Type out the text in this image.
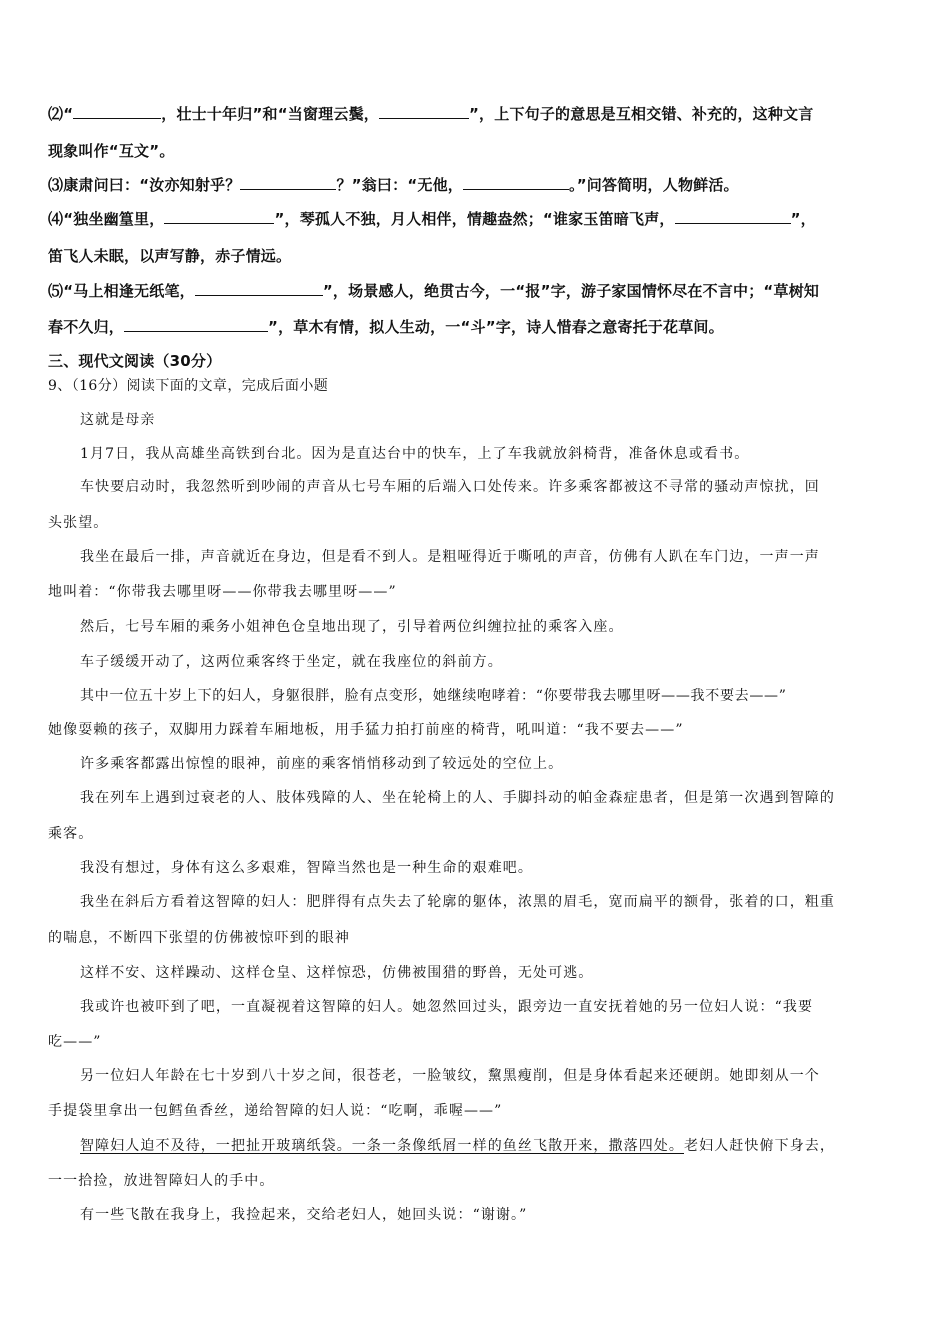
⑵“	，壮士十年归”和“当窗理云鬓，	”，上下句子的意思是互相交错、补充的，这种文言
现象叫作“互文”。
⑶康肃问曰：“汝亦知射乎？	？”翁曰：“无他，	。”问答简明，人物鲜活。
⑷“独坐幽篁里，	”，琴孤人不独，月人相伴，情趣盎然；“谁家玉笛暗飞声，	”，
笛飞人未眠，以声写静，赤子情远。
⑸“马上相逢无纸笔，	”，场景感人，绝贯古今，一“报”字，游子家国情怀尽在不言中；“草树知
春不久归，	”，草木有情，拟人生动，一“斗”字，诗人惜春之意寄托于花草间。
三、现代文阅读（30分）
9、（16分）阅读下面的文章，完成后面小题
这就是母亲
1月7日，我从高雄坐高铁到台北。因为是直达台中的快车，上了车我就放斜椅背，准备休息或看书。
车快要启动时，我忽然听到吵闹的声音从七号车厢的后端入口处传来。许多乘客都被这不寻常的骚动声惊扰，回
头张望。
我坐在最后一排，声音就近在身边，但是看不到人。是粗哑得近于嘶吼的声音，仿佛有人趴在车门边，一声一声
地叫着：“你带我去哪里呀——你带我去哪里呀——”
然后，七号车厢的乘务小姐神色仓皇地出现了，引导着两位纠缠拉扯的乘客入座。
车子缓缓开动了，这两位乘客终于坐定，就在我座位的斜前方。
其中一位五十岁上下的妇人，身躯很胖，脸有点变形，她继续咆哮着：“你要带我去哪里呀——我不要去——”
她像耍赖的孩子，双脚用力踩着车厢地板，用手猛力拍打前座的椅背，吼叫道：“我不要去——”
许多乘客都露出惊惶的眼神，前座的乘客悄悄移动到了较远处的空位上。
我在列车上遇到过衰老的人、肢体残障的人、坐在轮椅上的人、手脚抖动的帕金森症患者，但是第一次遇到智障的
乘客。
我没有想过，身体有这么多艰难，智障当然也是一种生命的艰难吧。
我坐在斜后方看着这智障的妇人：肥胖得有点失去了轮廓的躯体，浓黑的眉毛，宽而扁平的额骨，张着的口，粗重
的喘息，不断四下张望的仿佛被惊吓到的眼神
这样不安、这样躁动、这样仓皇、这样惊恐，仿佛被围猎的野兽，无处可逃。
我或许也被吓到了吧，一直凝视着这智障的妇人。她忽然回过头，跟旁边一直安抚着她的另一位妇人说：“我要
吃——”
另一位妇人年龄在七十岁到八十岁之间，很苍老，一脸皱纹，黧黑瘦削，但是身体看起来还硬朗。她即刻从一个
手提袋里拿出一包鳕鱼香丝，递给智障的妇人说：“吃啊，乖喔——”
智障妇人迫不及待，一把扯开玻璃纸袋。一条一条像纸屑一样的鱼丝飞散开来，撒落四处。老妇人赶快俯下身去，
一一拾捡，放进智障妇人的手中。
有一些飞散在我身上，我捡起来，交给老妇人，她回头说：“谢谢。”
